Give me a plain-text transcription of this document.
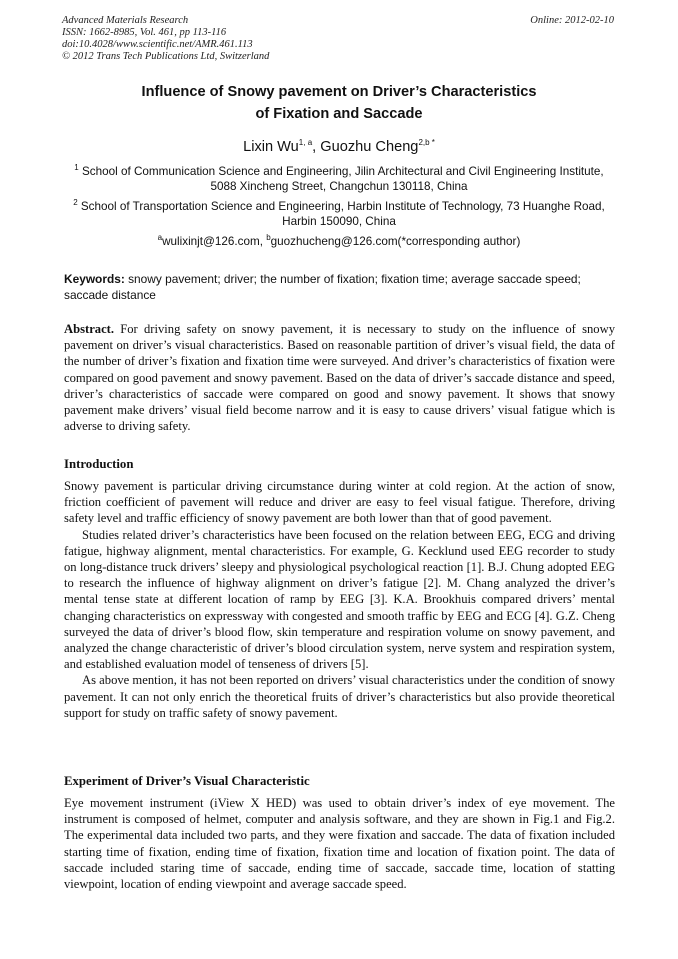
Advanced Materials Research
ISSN: 1662-8985, Vol. 461, pp 113-116
doi:10.4028/www.scientific.net/AMR.461.113
© 2012 Trans Tech Publications Ltd, Switzerland
Online: 2012-02-10
Influence of Snowy pavement on Driver’s Characteristics
of Fixation and Saccade
Lixin Wu$^{1, a}$, Guozhu Cheng$^{2,b *}$
$^1$ School of Communication Science and Engineering, Jilin Architectural and Civil Engineering Institute, 5088 Xincheng Street, Changchun 130118, China
$^2$ School of Transportation Science and Engineering, Harbin Institute of Technology, 73 Huanghe Road, Harbin 150090, China
$^a$wulixinjt@126.com, $^b$guozhucheng@126.com(*corresponding author)
Keywords: snowy pavement; driver; the number of fixation; fixation time; average saccade speed; saccade distance

Abstract. For driving safety on snowy pavement, it is necessary to study on the influence of snowy pavement on driver’s visual characteristics. Based on reasonable partition of driver’s visual field, the data of the number of driver’s fixation and fixation time were surveyed. And driver’s characteristics of fixation were compared on good pavement and snowy pavement. Based on the data of driver’s saccade distance and speed, driver’s characteristics of saccade were compared on good and snowy pavement. It shows that snowy pavement make drivers’ visual field become narrow and it is easy to cause drivers’ visual fatigue which is adverse to driving safety.

Introduction

Snowy pavement is particular driving circumstance during winter at cold region. At the action of snow, friction coefficient of pavement will reduce and driver are easy to feel visual fatigue. Therefore, driving safety level and traffic efficiency of snowy pavement are both lower than that of good pavement.

Studies related driver’s characteristics have been focused on the relation between EEG, ECG and driving fatigue, highway alignment, mental characteristics. For example, G. Kecklund used EEG recorder to study on long-distance truck drivers’ sleepy and physiological psychological reaction [1]. B.J. Chung adopted EEG to research the influence of highway alignment on driver’s fatigue [2]. M. Chang analyzed the driver’s mental tense state at different location of ramp by EEG [3]. K.A. Brookhuis compared drivers’ mental changing characteristics on expressway with congested and smooth traffic by EEG and ECG [4]. G.Z. Cheng surveyed the data of driver’s blood flow, skin temperature and respiration volume on snowy pavement, and analyzed the change characteristic of driver’s blood circulation system, nerve system and respiration system, and established evaluation model of tenseness of drivers [5].

As above mention, it has not been reported on drivers’ visual characteristics under the condition of snowy pavement. It can not only enrich the theoretical fruits of driver’s characteristics but also provide theoretical support for study on traffic safety of snowy pavement.

Experiment of Driver’s Visual Characteristic

Eye movement instrument (iView X HED) was used to obtain driver’s index of eye movement. The instrument is composed of helmet, computer and analysis software, and they are shown in Fig.1 and Fig.2. The experimental data included two parts, and they were fixation and saccade. The data of fixation included starting time of fixation, ending time of fixation, fixation time and location of fixation point. The data of saccade included staring time of saccade, ending time of saccade, saccade time, location of statting viewpoint, location of ending viewpoint and average saccade speed.
